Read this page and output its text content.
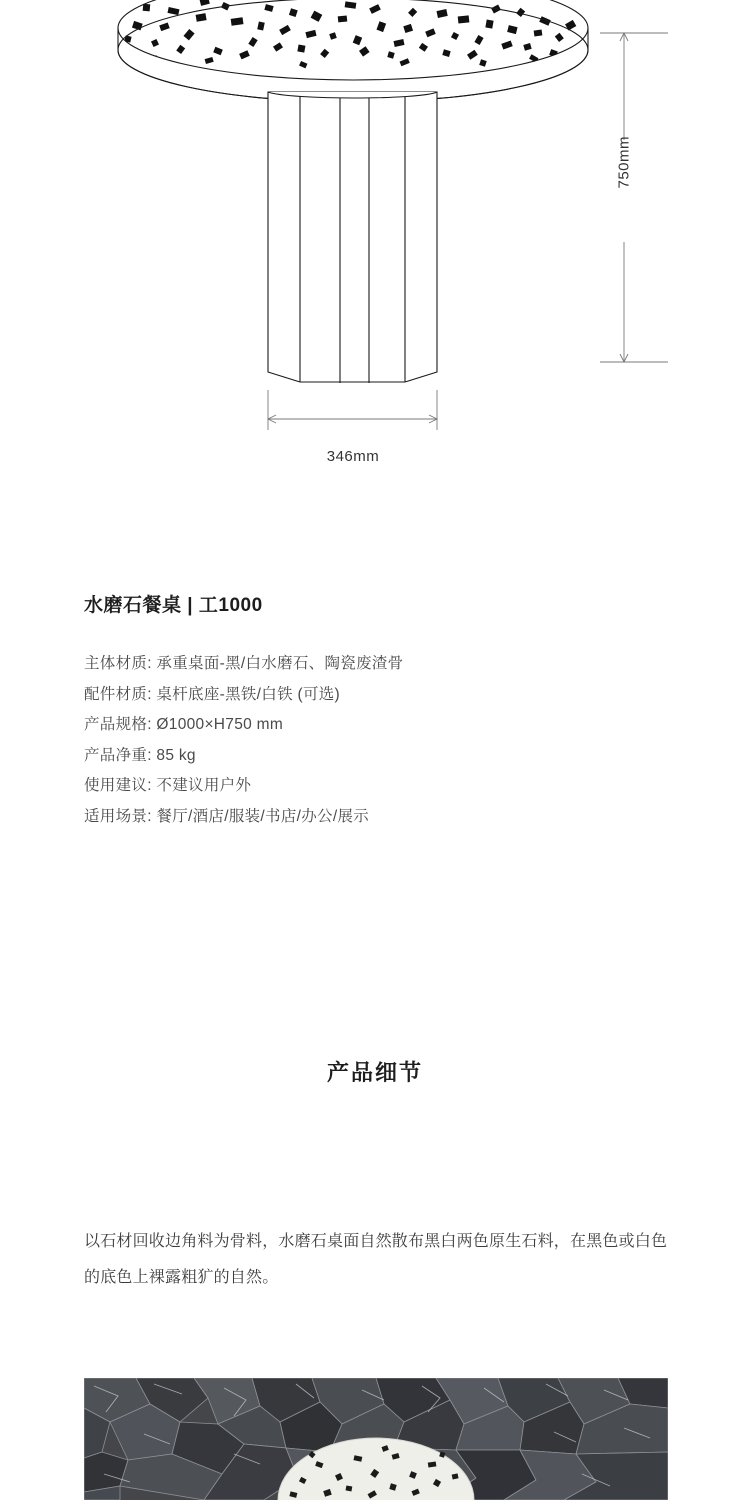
750mm
346mm
水磨石餐桌 | 工1000
主体材质: 承重桌面-黑/白水磨石、陶瓷废渣骨
配件材质: 桌杆底座-黑铁/白铁 (可选)
产品规格: Ø1000×H750 mm
产品净重: 85 kg
使用建议: 不建议用户外
适用场景: 餐厅/酒店/服装/书店/办公/展示
产品细节

以石材回收边角料为骨料，水磨石桌面自然散布黑白两色原生石料，在黑色或白色的底色上裸露粗犷的自然。
